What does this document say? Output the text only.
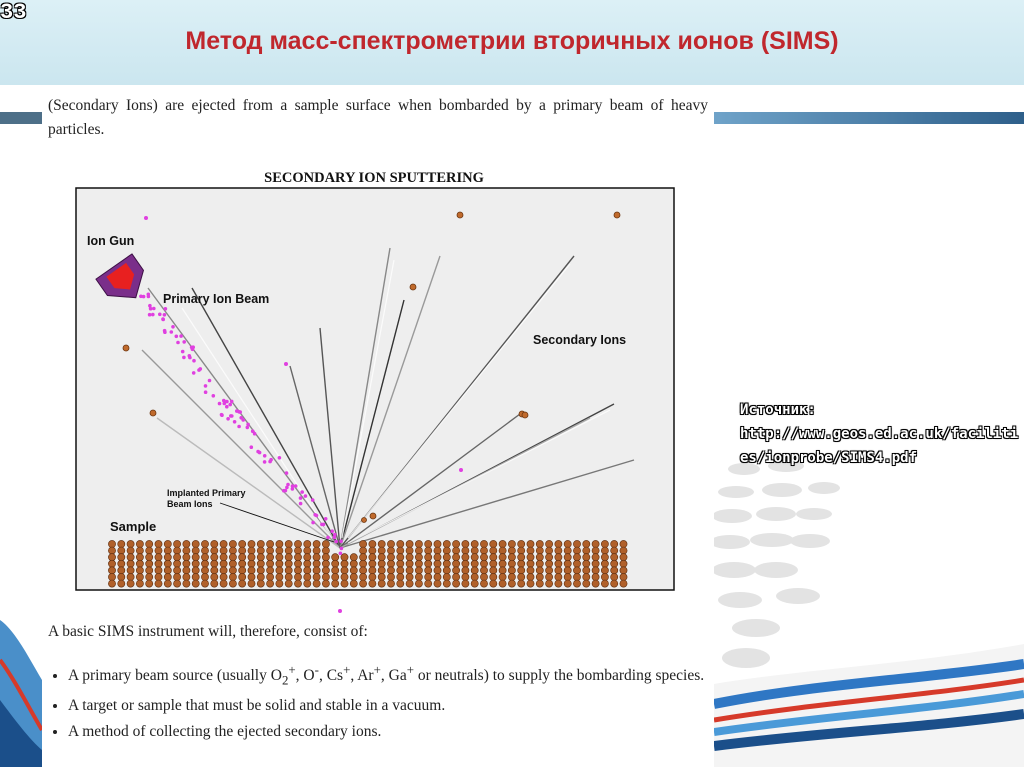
33
Метод масс-спектрометрии вторичных ионов (SIMS)
(Secondary Ions) are ejected from a sample surface when bombarded by a primary beam of heavy particles.
SECONDARY ION SPUTTERING
Ion Gun
Primary Ion Beam
Secondary Ions
Implanted Primary
Beam Ions
Sample
A basic SIMS instrument will, therefore, consist of:
• A primary beam source (usually $O_2^+$, O-, Cs+, Ar+, Ga+ or neutrals) to supply the bombarding species.
• A target or sample that must be solid and stable in a vacuum.
• A method of collecting the ejected secondary ions.
Источник:
http://www.geos.ed.ac.uk/faciliti
es/ionprobe/SIMS4.pdf
